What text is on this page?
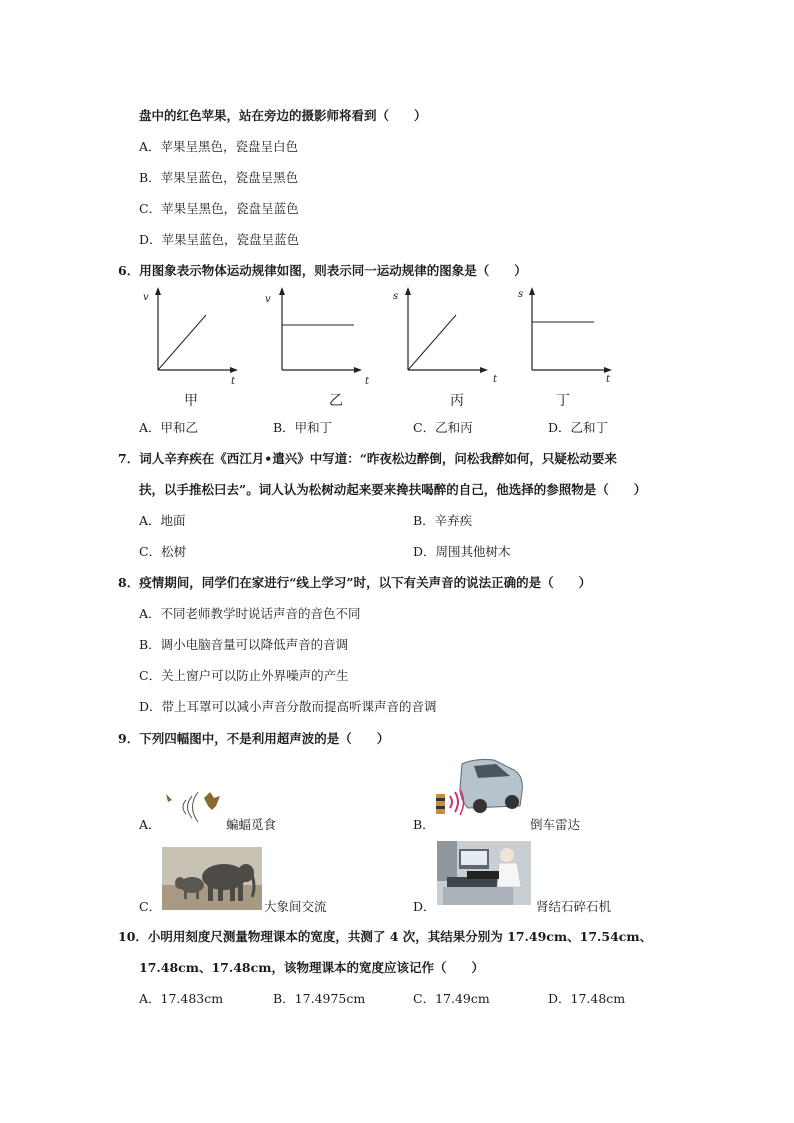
盘中的红色苹果，站在旁边的摄影师将看到（　　）
A．苹果呈黑色，瓷盘呈白色
B．苹果呈蓝色，瓷盘呈黑色
C．苹果呈黑色，瓷盘呈蓝色
D．苹果呈蓝色，瓷盘呈蓝色
6．用图象表示物体运动规律如图，则表示同一运动规律的图象是（　　）
v
t
甲
v
t
乙
s
t
丙
s
t
丁
A．甲和乙	B．甲和丁	C．乙和丙	D．乙和丁
7．词人辛弃疾在《西江月•遣兴》中写道：“昨夜松边醉倒，问松我醉如何，只疑松动要来
扶，以手推松曰去”。词人认为松树动起来要来搀扶喝醉的自己，他选择的参照物是（　　）
A．地面	B．辛弃疾
C．松树	D．周围其他树木
8．疫情期间，同学们在家进行“线上学习”时，以下有关声音的说法正确的是（　　）
A．不同老师教学时说话声音的音色不同
B．调小电脑音量可以降低声音的音调
C．关上窗户可以防止外界噪声的产生
D．带上耳罩可以减小声音分散而提高听课声音的音调
9．下列四幅图中，不是利用超声波的是（　　）
A．	蝙蝠觅食	B．	倒车雷达
C．	大象间交流	D．	肾结石碎石机
10．小明用刻度尺测量物理课本的宽度，共测了 4 次，其结果分别为 17.49cm、17.54cm、
17.48cm、17.48cm，该物理课本的宽度应该记作（　　）
A．17.483cm	B．17.4975cm	C．17.49cm	D．17.48cm
